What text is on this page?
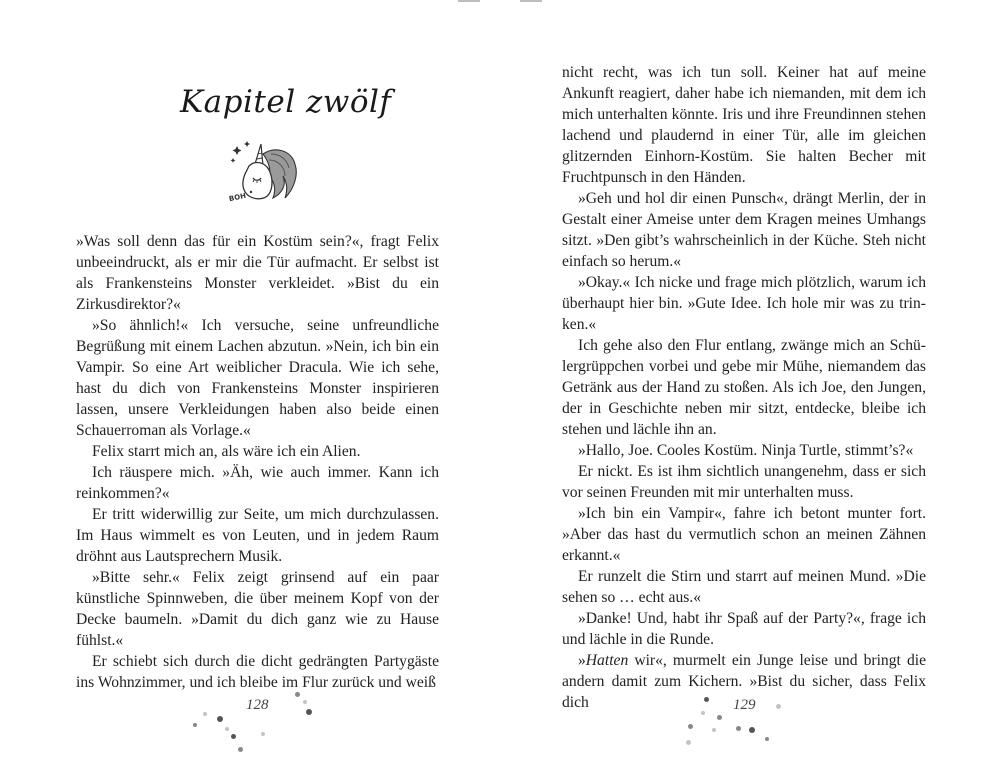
Kapitel zwölf
BOH

»Was soll denn das für ein Kostüm sein?«, fragt Felix unbeeindruckt, als er mir die Tür aufmacht. Er selbst ist als Frankensteins Monster verkleidet. »Bist du ein Zirkusdirektor?«

»So ähnlich!« Ich versuche, seine unfreundliche Begrüßung mit einem Lachen abzutun. »Nein, ich bin ein Vampir. So eine Art weiblicher Dracula. Wie ich sehe, hast du dich von Frankensteins Monster inspirieren lassen, unsere Verkleidungen haben also beide einen Schauerroman als Vorlage.«

Felix starrt mich an, als wäre ich ein Alien.

Ich räuspere mich. »Äh, wie auch immer. Kann ich reinkommen?«

Er tritt widerwillig zur Seite, um mich durchzulassen. Im Haus wimmelt es von Leuten, und in jedem Raum dröhnt aus Lautsprechern Musik.

»Bitte sehr.« Felix zeigt grinsend auf ein paar künstliche Spinnweben, die über meinem Kopf von der Decke baumeln. »Damit du dich ganz wie zu Hause fühlst.«

Er schiebt sich durch die dicht gedrängten Partygäste ins Wohnzimmer, und ich bleibe im Flur zurück und weiß

128

nicht recht, was ich tun soll. Keiner hat auf meine Ankunft reagiert, daher habe ich niemanden, mit dem ich mich unterhalten könnte. Iris und ihre Freundinnen stehen lachend und plaudernd in einer Tür, alle im gleichen glitzernden Einhorn-Kostüm. Sie halten Becher mit Fruchtpunsch in den Händen.

»Geh und hol dir einen Punsch«, drängt Merlin, der in Gestalt einer Ameise unter dem Kragen meines Umhangs sitzt. »Den gibt’s wahrscheinlich in der Küche. Steh nicht einfach so herum.«

»Okay.« Ich nicke und frage mich plötzlich, warum ich überhaupt hier bin. »Gute Idee. Ich hole mir was zu trinken.«

Ich gehe also den Flur entlang, zwänge mich an Schülergrüppchen vorbei und gebe mir Mühe, niemandem das Getränk aus der Hand zu stoßen. Als ich Joe, den Jungen, der in Geschichte neben mir sitzt, entdecke, bleibe ich stehen und lächle ihn an.

»Hallo, Joe. Cooles Kostüm. Ninja Turtle, stimmt’s?«

Er nickt. Es ist ihm sichtlich unangenehm, dass er sich vor seinen Freunden mit mir unterhalten muss.

»Ich bin ein Vampir«, fahre ich betont munter fort. »Aber das hast du vermutlich schon an meinen Zähnen erkannt.«

Er runzelt die Stirn und starrt auf meinen Mund. »Die sehen so … echt aus.«

»Danke! Und, habt ihr Spaß auf der Party?«, frage ich und lächle in die Runde.

»Hatten wir«, murmelt ein Junge leise und bringt die andern damit zum Kichern. »Bist du sicher, dass Felix dich	129
